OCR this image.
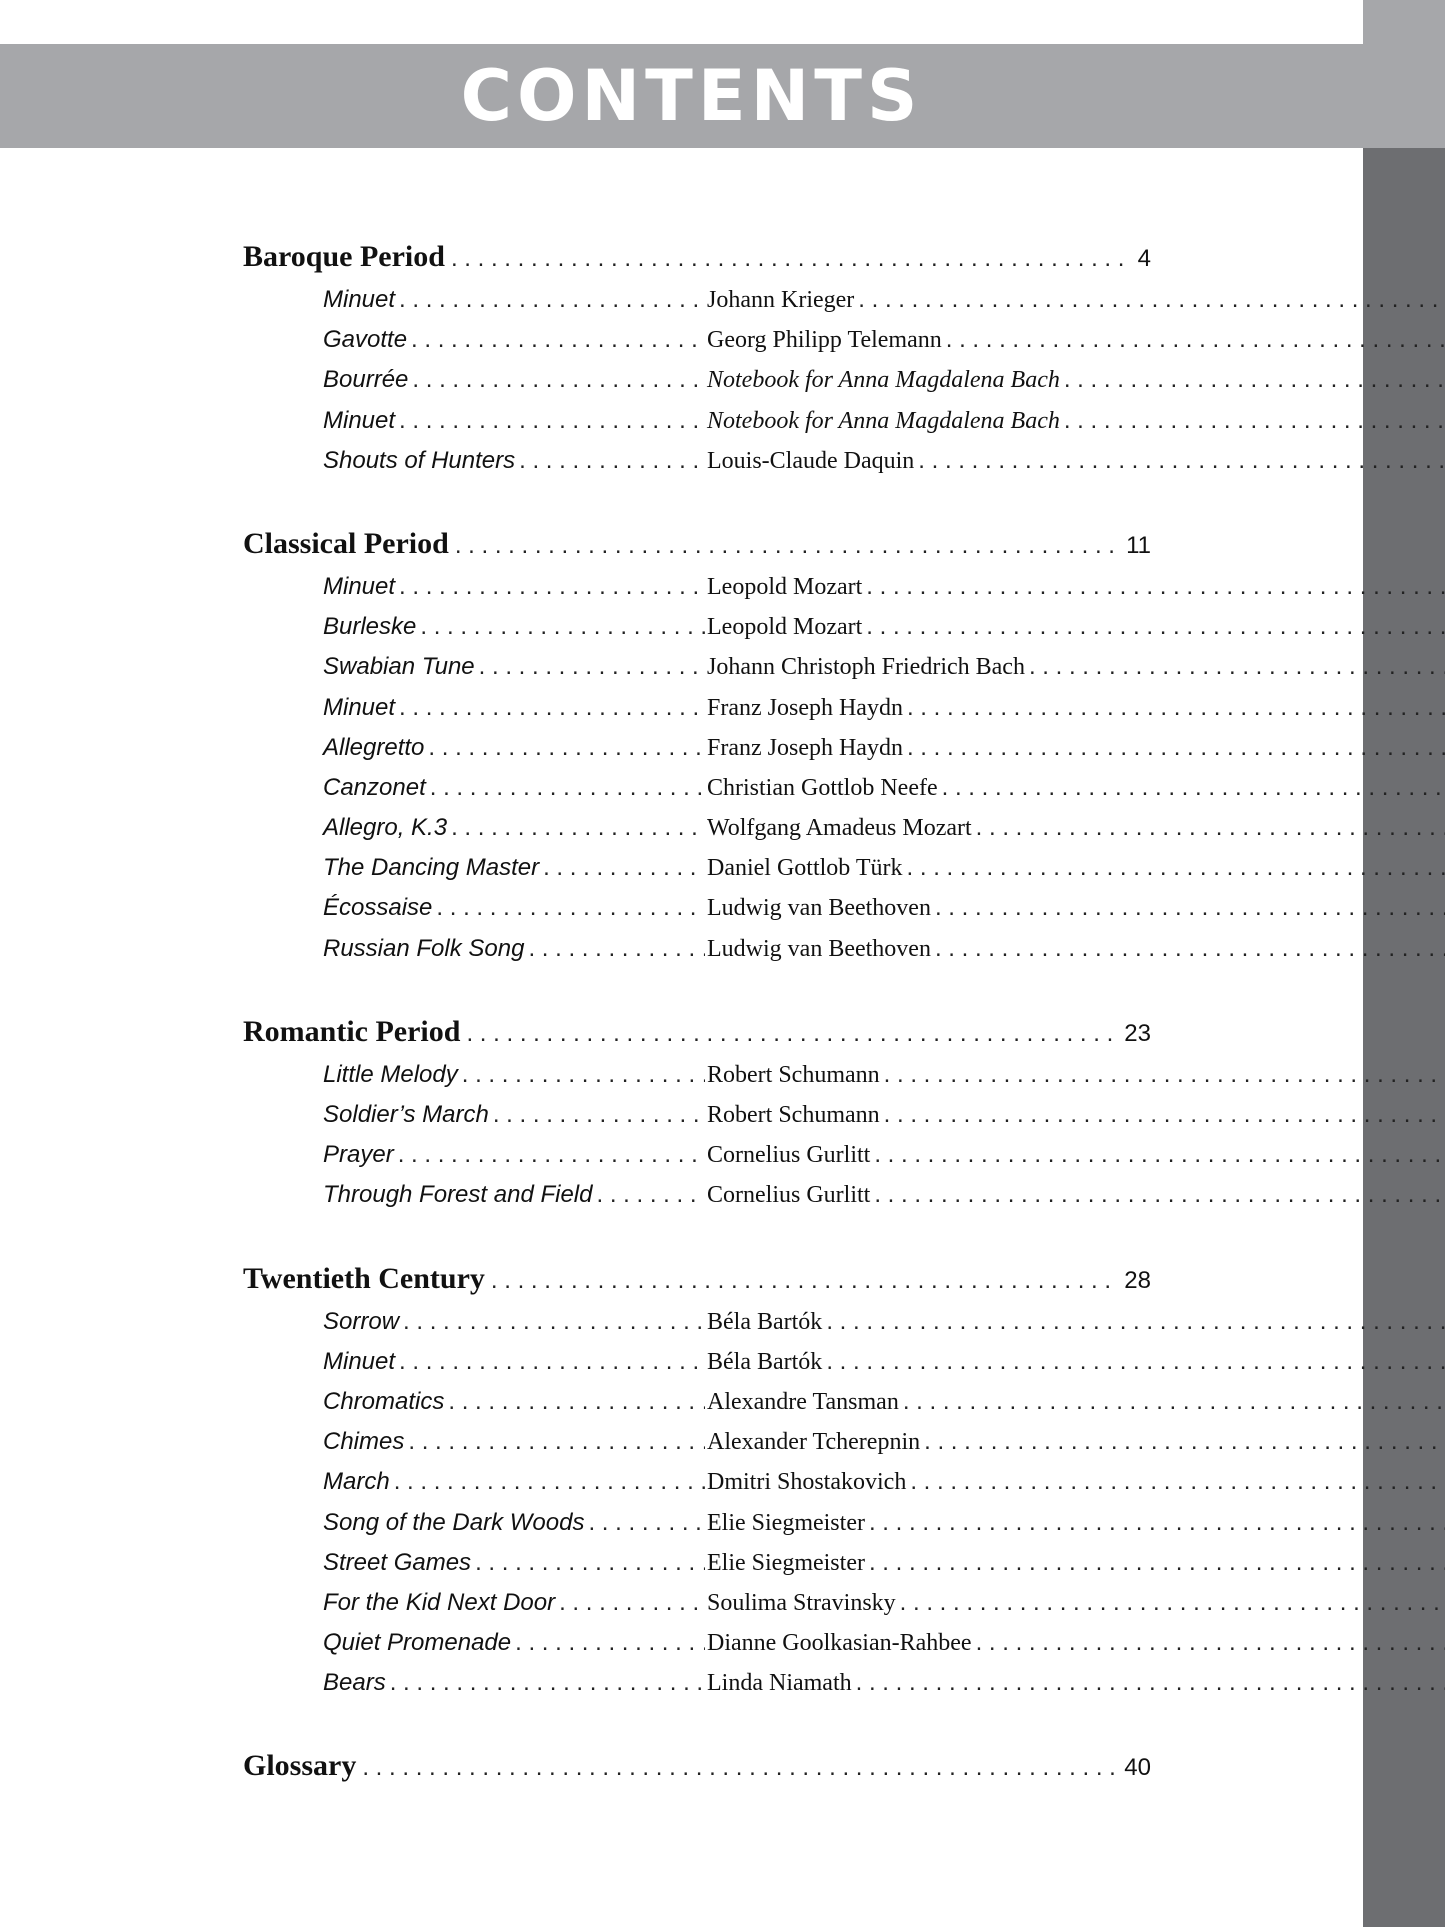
CONTENTS
Baroque Period . . .	4
Minuet . . .	Johann Krieger
. . .
Gavotte . . .	Georg Philipp Telemann
. . .
Bourrée . . .	Notebook for Anna Magdalena Bach
. . .
Minuet . . .	Notebook for Anna Magdalena Bach
. . .
Shouts of Hunters . . .	Louis-Claude Daquin
. . .
Classical Period . . .	11
Minuet . . .	Leopold Mozart
. . .
Burleske . . .	Leopold Mozart
. . .
Swabian Tune . . .	Johann Christoph Friedrich Bach
. . .
Minuet . . .	Franz Joseph Haydn
. . .
Allegretto . . .	Franz Joseph Haydn
. . .
Canzonet . . .	Christian Gottlob Neefe
. . .
Allegro, K.3 . . .	Wolfgang Amadeus Mozart
. . .
The Dancing Master . . .	Daniel Gottlob Türk
. . .
Écossaise . . .	Ludwig van Beethoven
. . .
Russian Folk Song . . .	Ludwig van Beethoven
. . .
Romantic Period . . .	23
Little Melody . . .	Robert Schumann
. . .
Soldier’s March . . .	Robert Schumann
. . .
Prayer . . .	Cornelius Gurlitt
. . .
Through Forest and Field . . .	Cornelius Gurlitt
. . .
Twentieth Century . . .	28
Sorrow . . .	Béla Bartók
. . .
Minuet . . .	Béla Bartók
. . .
Chromatics . . .	Alexandre Tansman
. . .
Chimes . . .	Alexander Tcherepnin
. . .
March . . .	Dmitri Shostakovich
. . .
Song of the Dark Woods . . .	Elie Siegmeister
. . .
Street Games . . .	Elie Siegmeister
. . .
For the Kid Next Door . . .	Soulima Stravinsky
. . .
Quiet Promenade . . .	Dianne Goolkasian-Rahbee
. . .
Bears . . .	Linda Niamath
. . .
Glossary . . .	40
